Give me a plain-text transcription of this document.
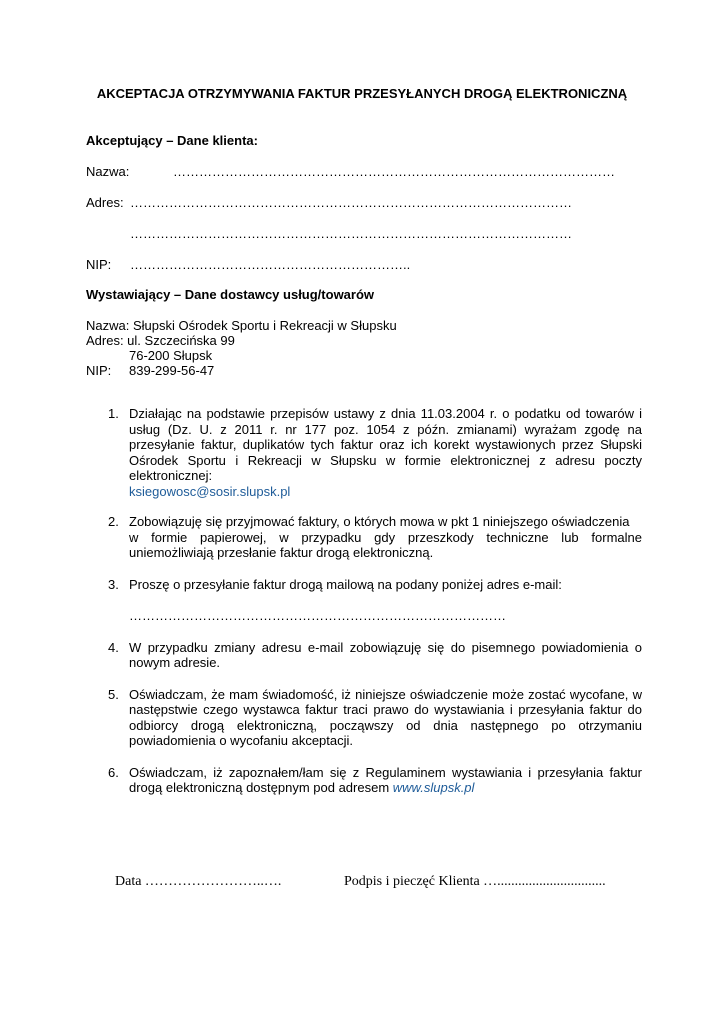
AKCEPTACJA OTRZYMYWANIA FAKTUR PRZESYŁANYCH DROGĄ ELEKTRONICZNĄ
Akceptujący – Dane klienta:
Nazwa:	…………………………………………………………………………………………
Adres: …………………………………………………………………………………………
…………………………………………………………………………………………
NIP: ………………………………………………………..
Wystawiający – Dane dostawcy usług/towarów
Nazwa: Słupski Ośrodek Sportu i Rekreacji w Słupsku
Adres: ul. Szczecińska 99
76-200 Słupsk
NIP: 839-299-56-47
1. Działając na podstawie przepisów ustawy z dnia 11.03.2004 r. o podatku od towarów i usług (Dz. U. z 2011 r. nr 177 poz. 1054 z późn. zmianami) wyrażam zgodę na przesyłanie faktur, duplikatów tych faktur oraz ich korekt wystawionych przez Słupski Ośrodek Sportu i Rekreacji w Słupsku w formie elektronicznej z adresu poczty elektronicznej:

ksiegowosc@sosir.slupsk.pl

2. Zobowiązuję się przyjmować faktury, o których mowa w pkt 1 niniejszego oświadczenia

w formie papierowej, w przypadku gdy przeszkody techniczne lub formalne uniemożliwiają przesłanie faktur drogą elektroniczną.

3. Proszę o przesyłanie faktur drogą mailową na podany poniżej adres e-mail:

……………………………………………………………………………

4. W przypadku zmiany adresu e-mail zobowiązuję się do pisemnego powiadomienia o nowym adresie.

5. Oświadczam, że mam świadomość, iż niniejsze oświadczenie może zostać wycofane, w następstwie czego wystawca faktur traci prawo do wystawiania i przesyłania faktur do odbiorcy drogą elektroniczną, począwszy od dnia następnego po otrzymaniu powiadomienia o wycofaniu akceptacji.

6. Oświadczam, iż zapoznałem/łam się z Regulaminem wystawiania i przesyłania faktur drogą elektroniczną dostępnym pod adresem www.slupsk.pl

Data ……………………..….	Podpis i pieczęć Klienta …...............................
